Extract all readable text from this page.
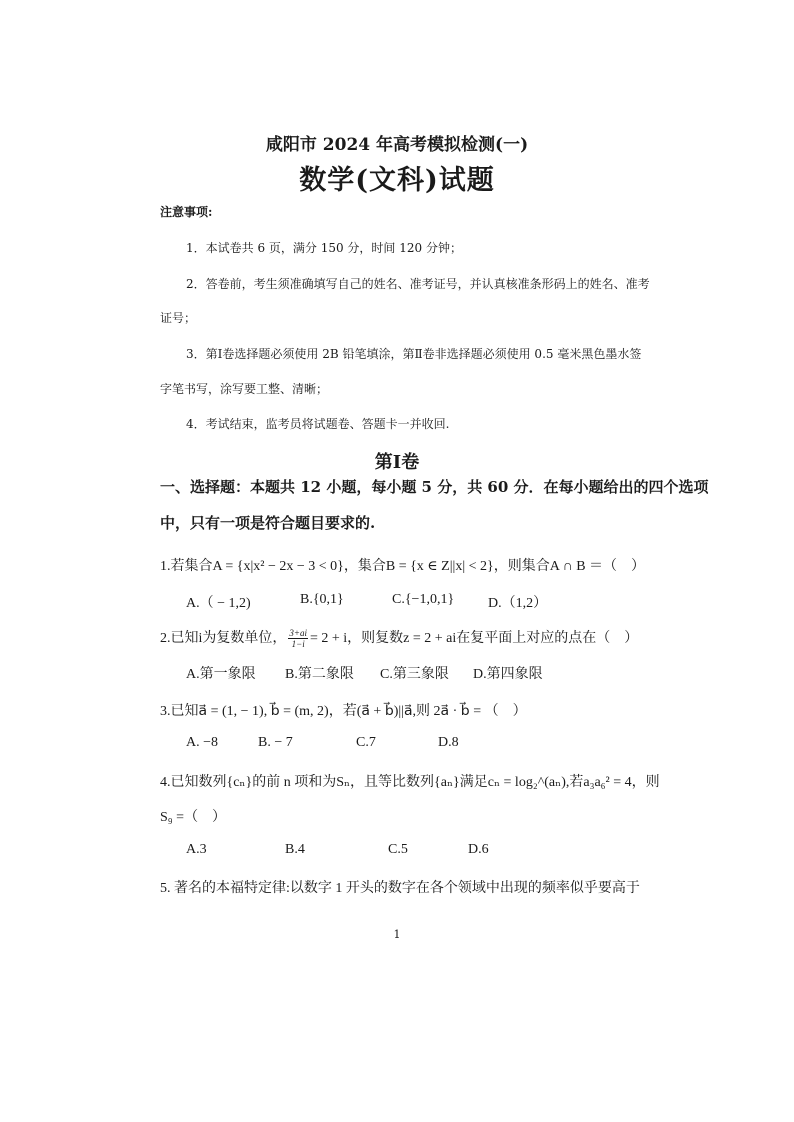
咸阳市 2024 年高考模拟检测(一)
数学(文科)试题
注意事项:
1．本试卷共 6 页，满分 150 分，时间 120 分钟；
2．答卷前，考生须准确填写自己的姓名、准考证号，并认真核准条形码上的姓名、准考
证号；
3．第Ⅰ卷选择题必须使用 2B 铅笔填涂，第Ⅱ卷非选择题必须使用 0.5 毫米黑色墨水签
字笔书写，涂写要工整、清晰；
4．考试结束，监考员将试题卷、答题卡一并收回.
第Ⅰ卷
一、选择题：本题共 12 小题，每小题 5 分，共 60 分．在每小题给出的四个选项
中，只有一项是符合题目要求的.
1.若集合A = {x|x² − 2x − 3 < 0}，集合B = {x ∈ Z||x| < 2}，则集合A ∩ B ＝（　）
A.（ − 1,2)	B.{0,1}	C.{−1,0,1} D.（1,2）
2.已知i为复数单位， $\frac{3+ai}{1-i} = 2 + i$，则复数z = 2 + ai在复平面上对应的点在（　）
A.第一象限 B.第二象限 C.第三象限 D.第四象限
3.已知a⃗ = (1, − 1), b⃗ = (m, 2)，若(a⃗ + b⃗)||a⃗,则 2a⃗ · b⃗ = （　）
A. −8	B. − 7	C.7	D.8
4.已知数列{cₙ}的前 n 项和为Sₙ，且等比数列{aₙ}满足cₙ = log₂^(aₙ),若a₃a₆² = 4，则
S₉ =（　）
A.3	B.4	C.5	D.6
5. 著名的本福特定律:以数字 1 开头的数字在各个领域中出现的频率似乎要高于
1
